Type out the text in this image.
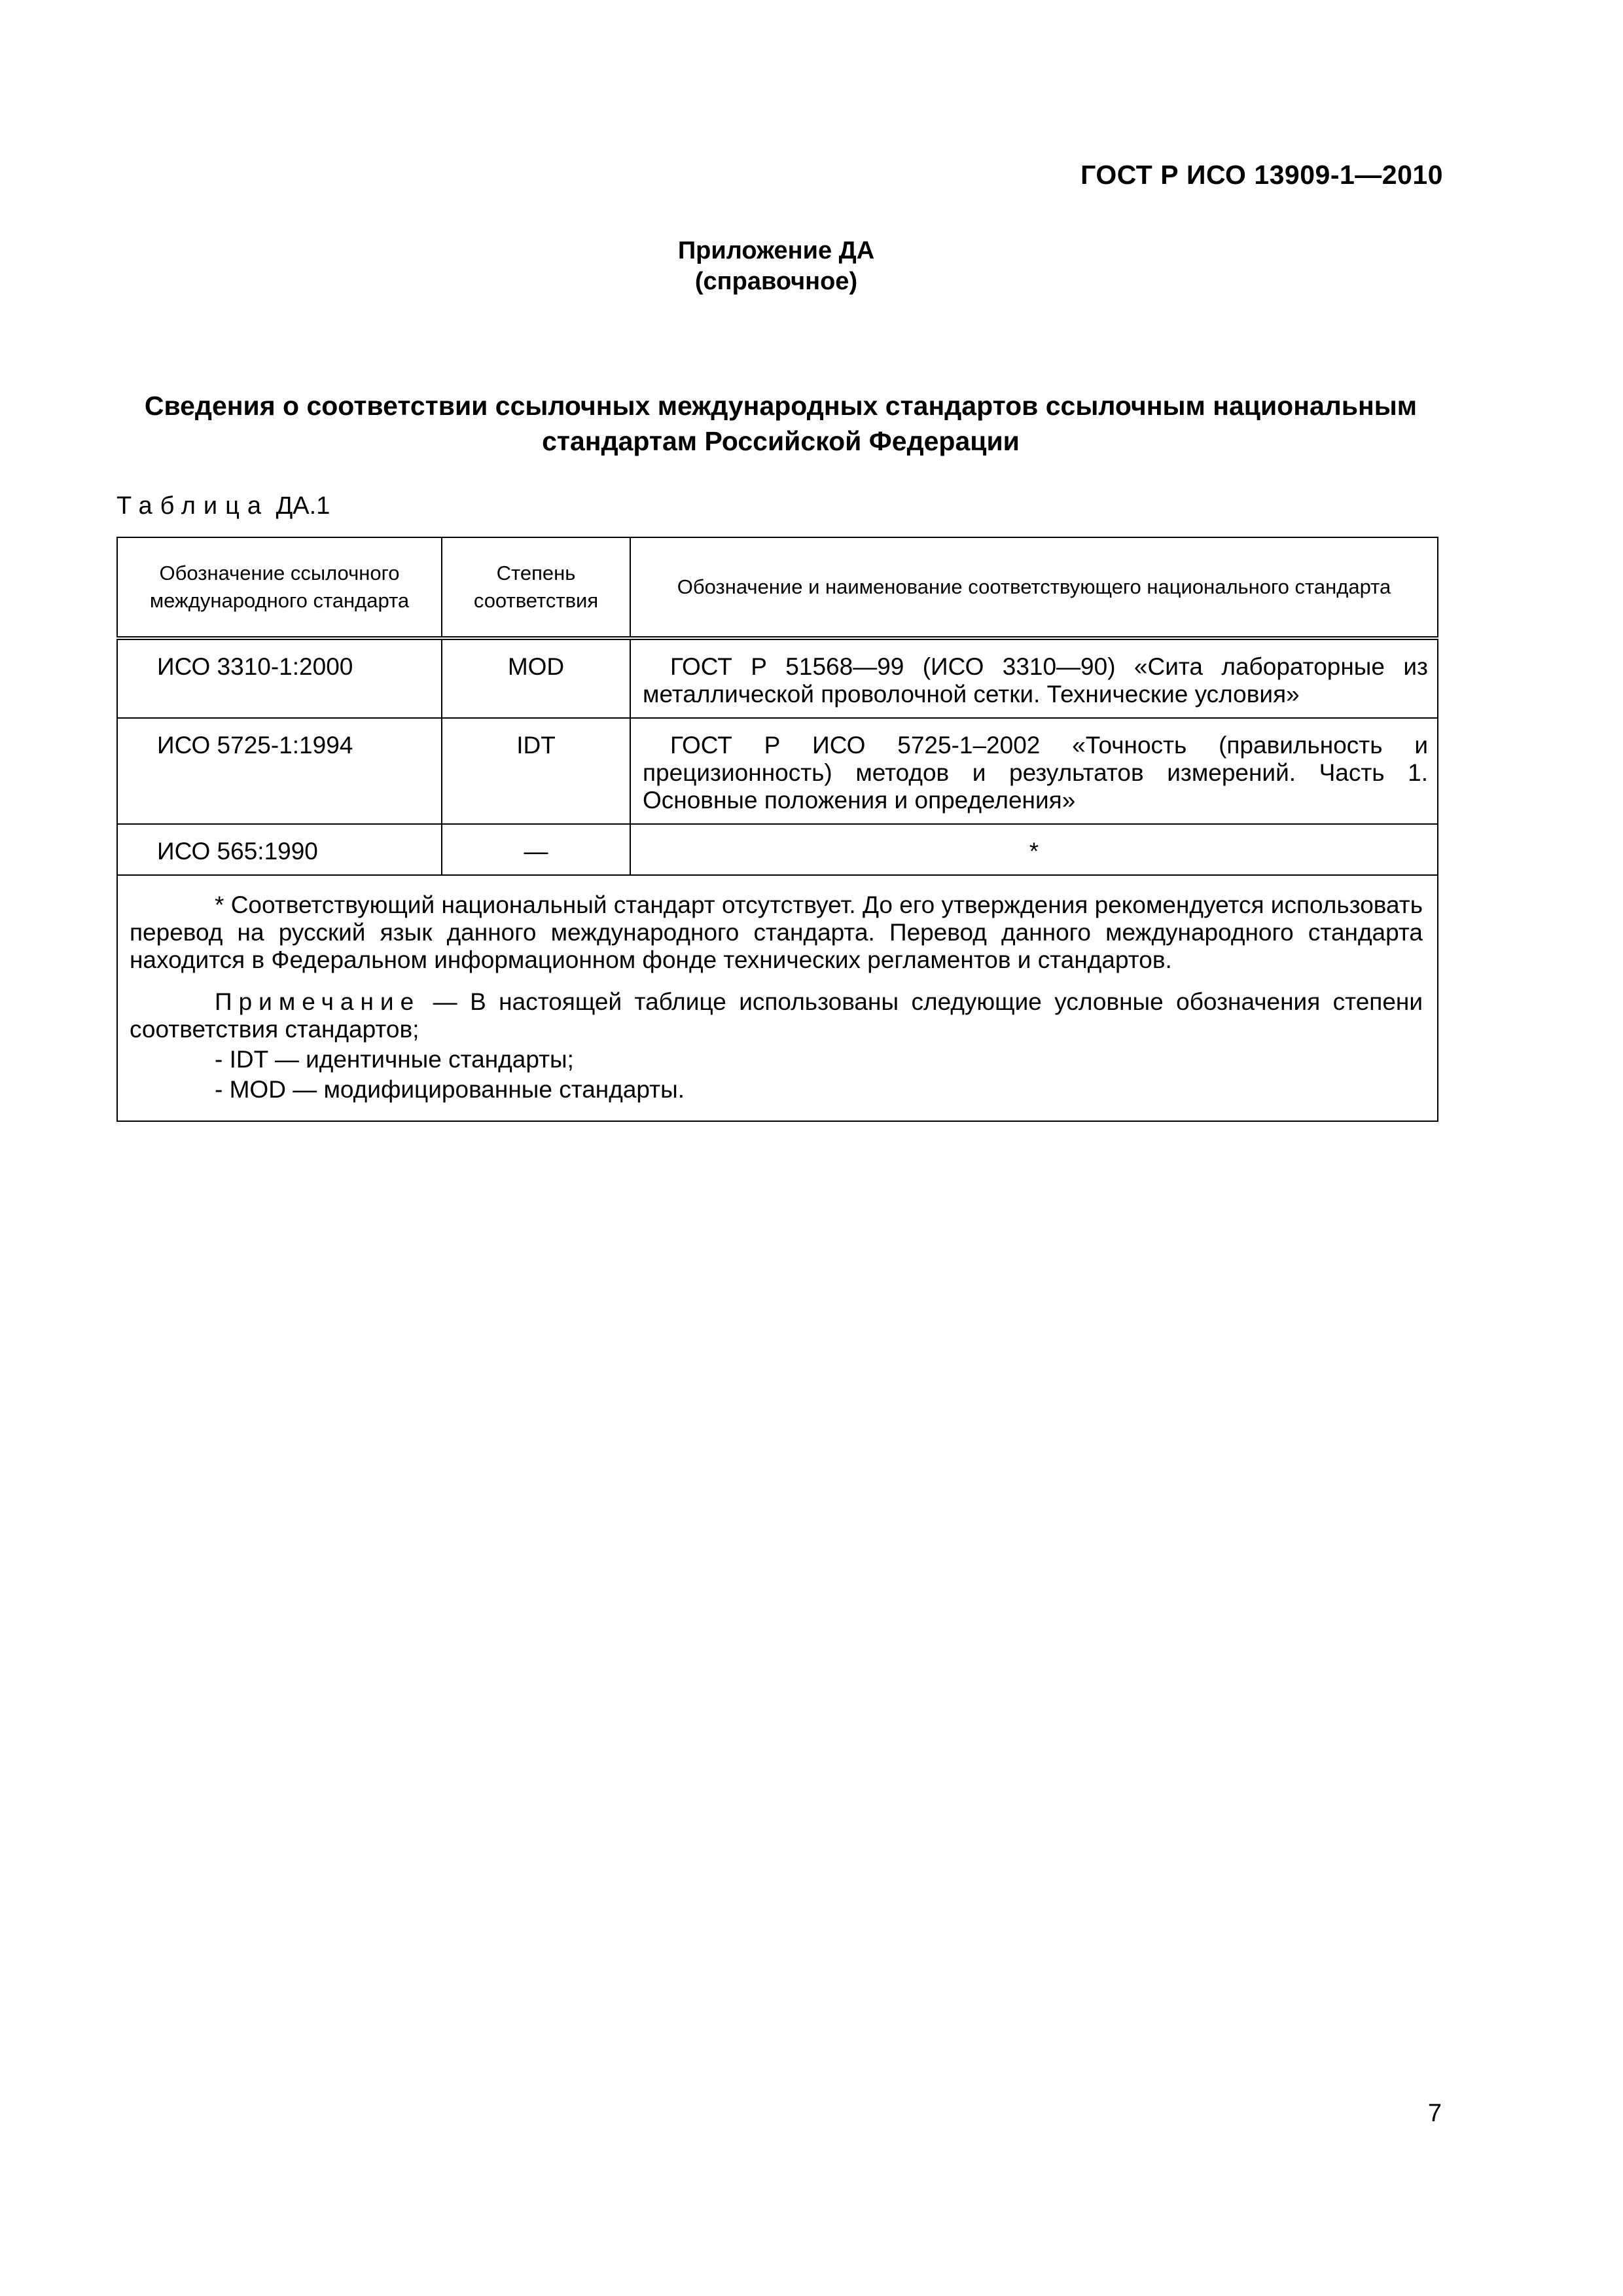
ГОСТ Р ИСО 13909-1—2010
Приложение ДА
(справочное)
Сведения о соответствии ссылочных международных стандартов ссылочным национальным
стандартам Российской Федерации
Таблица ДА.1
Обозначение ссылочного международного стандарта	Степень соответствия	Обозначение и наименование соответствующего национального стандарта
ИСО 3310-1:2000	MOD	ГОСТ Р 51568—99 (ИСО 3310—90) «Сита лабораторные из металлической проволочной сетки. Технические условия»
ИСО 5725-1:1994	IDT	ГОСТ Р ИСО 5725-1–2002 «Точность (правильность и прецизионность) методов и результатов измерений. Часть 1. Основные положения и определения»
ИСО 565:1990	—	*

* Соответствующий национальный стандарт отсутствует. До его утверждения рекомендуется использовать перевод на русский язык данного международного стандарта. Перевод данного международного стандарта находится в Федеральном информационном фонде технических регламентов и стандартов.

Примечание — В настоящей таблице использованы следующие условные обозначения степени соответствия стандартов;

- IDT — идентичные стандарты;
- MOD — модифицированные стандарты.		
7
